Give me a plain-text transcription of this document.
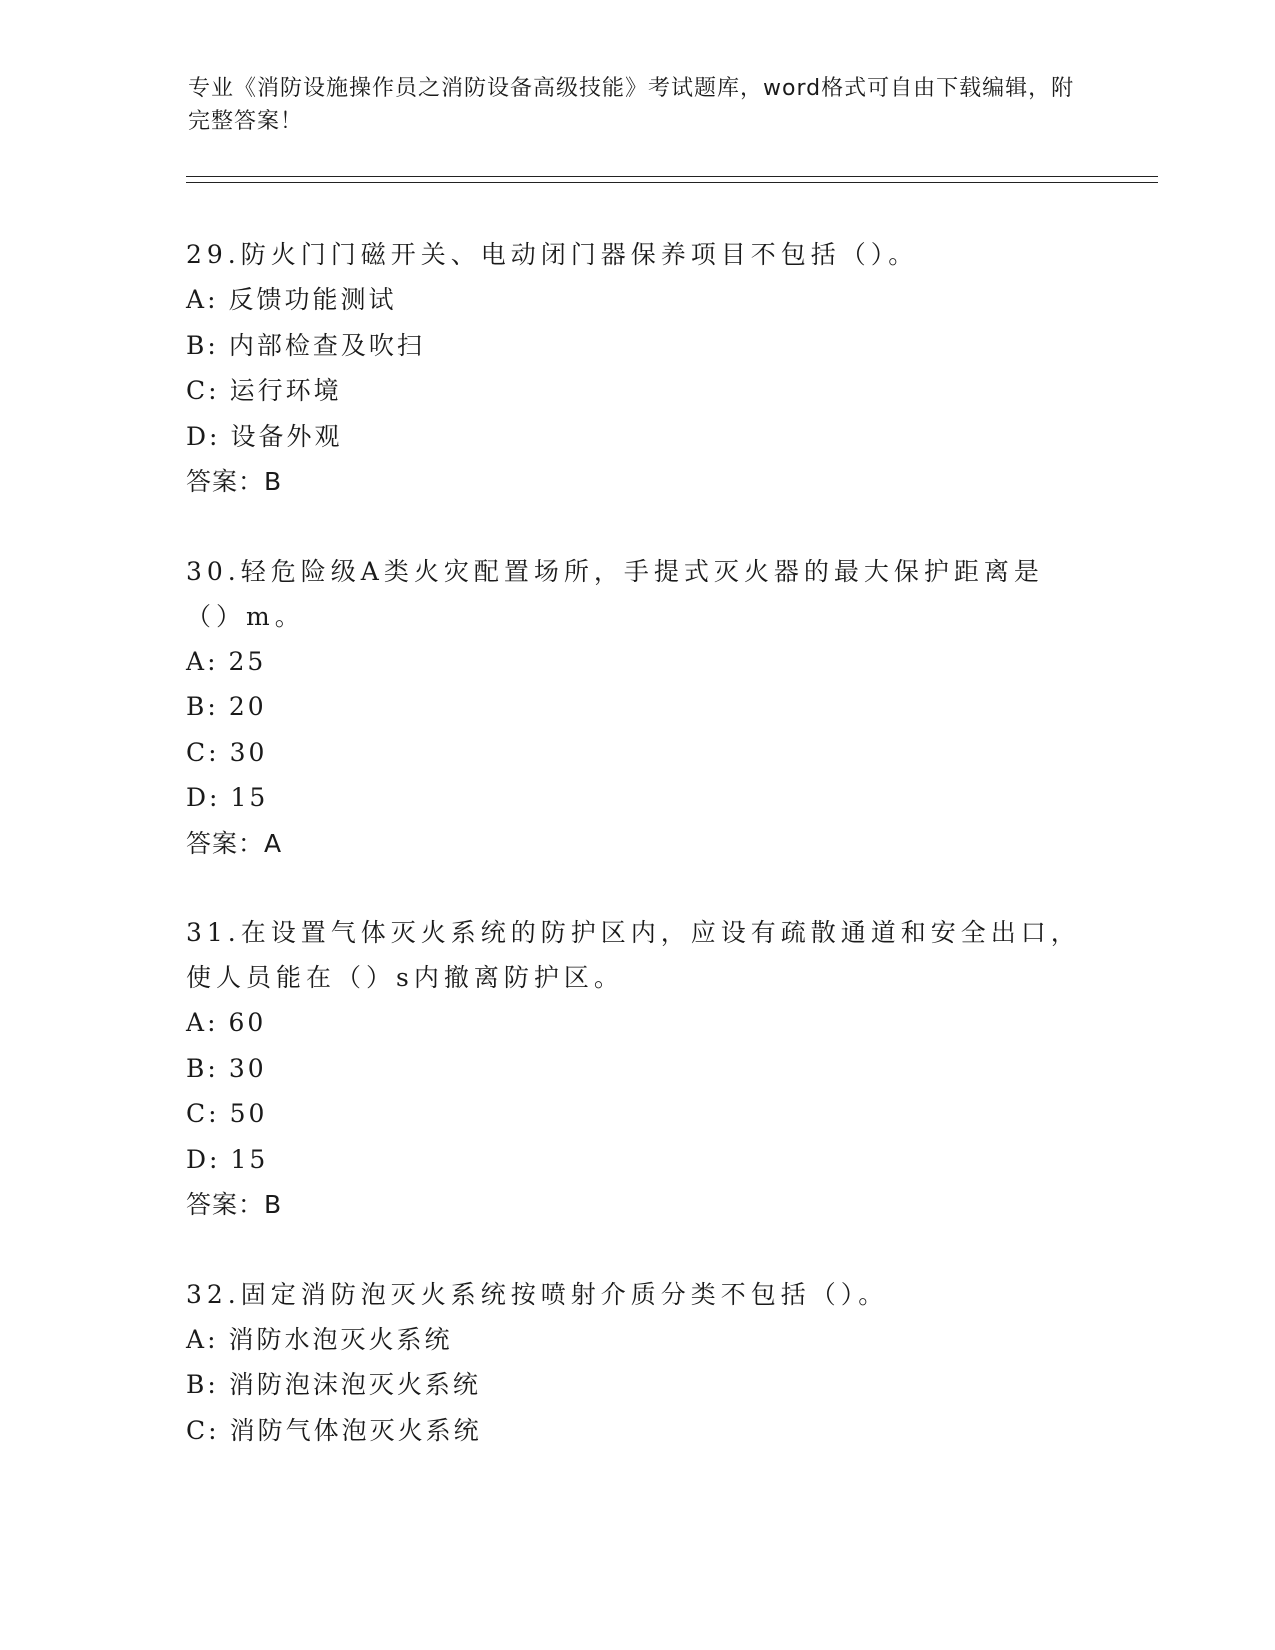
专业《消防设施操作员之消防设备高级技能》考试题库，word格式可自由下载编辑，附完整答案！
29.防火门门磁开关、电动闭门器保养项目不包括（）。
A: 反馈功能测试
B: 内部检查及吹扫
C: 运行环境
D: 设备外观
答案：B
30.轻危险级A类火灾配置场所，手提式灭火器的最大保护距离是（）m。
A: 25
B: 20
C: 30
D: 15
答案：A
31.在设置气体灭火系统的防护区内，应设有疏散通道和安全出口，使人员能在（）s内撤离防护区。
A: 60
B: 30
C: 50
D: 15
答案：B
32.固定消防泡灭火系统按喷射介质分类不包括（）。
A: 消防水泡灭火系统
B: 消防泡沫泡灭火系统
C: 消防气体泡灭火系统
